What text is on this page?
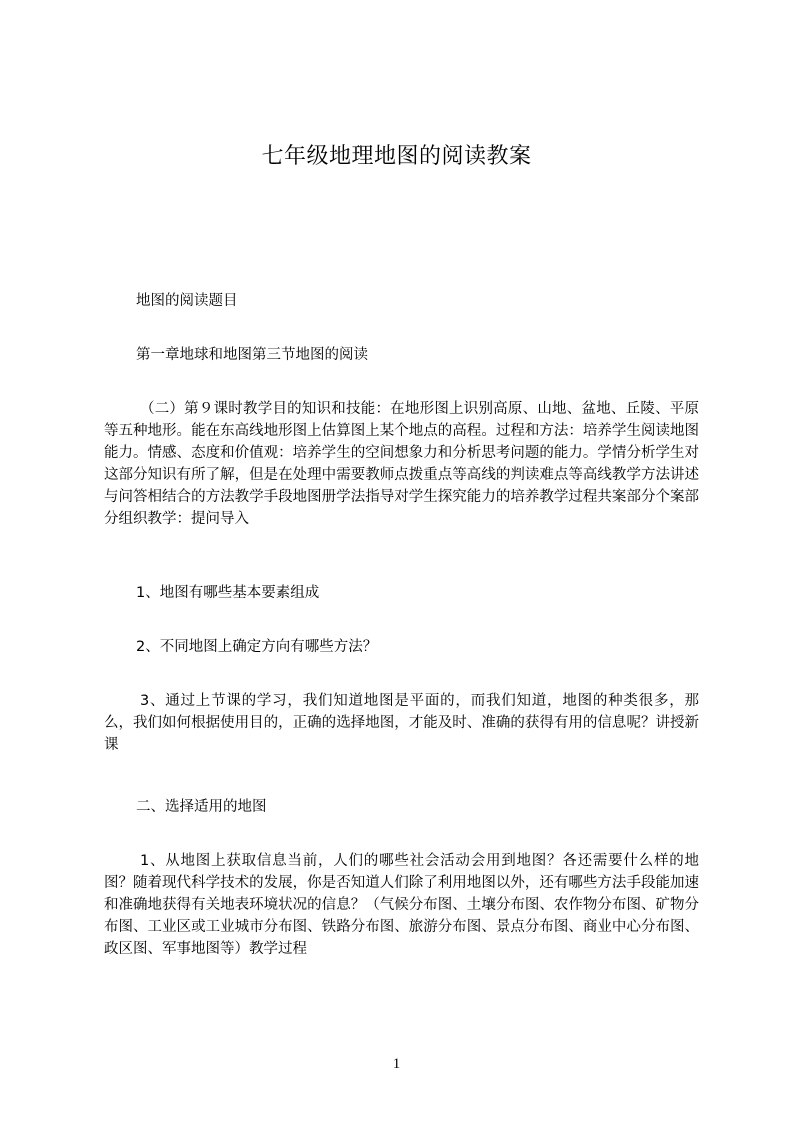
七年级地理地图的阅读教案

地图的阅读题目

第一章地球和地图第三节地图的阅读

（二）第９课时教学目的知识和技能：在地形图上识别高原、山地、盆地、丘陵、平原等五种地形。能在东高线地形图上估算图上某个地点的高程。过程和方法：培养学生阅读地图能力。情感、态度和价值观：培养学生的空间想象力和分析思考问题的能力。学情分析学生对这部分知识有所了解，但是在处理中需要教师点拨重点等高线的判读难点等高线教学方法讲述与问答相结合的方法教学手段地图册学法指导对学生探究能力的培养教学过程共案部分个案部分组织教学：提问导入

1、地图有哪些基本要素组成

2、不同地图上确定方向有哪些方法？

3、通过上节课的学习，我们知道地图是平面的，而我们知道，地图的种类很多，那么，我们如何根据使用目的，正确的选择地图，才能及时、准确的获得有用的信息呢？讲授新课

二、选择适用的地图

1、从地图上获取信息当前，人们的哪些社会活动会用到地图？各还需要什么样的地图？随着现代科学技术的发展，你是否知道人们除了利用地图以外，还有哪些方法手段能加速和准确地获得有关地表环境状况的信息？（气候分布图、土壤分布图、农作物分布图、矿物分布图、工业区或工业城市分布图、铁路分布图、旅游分布图、景点分布图、商业中心分布图、政区图、军事地图等）教学过程

1
